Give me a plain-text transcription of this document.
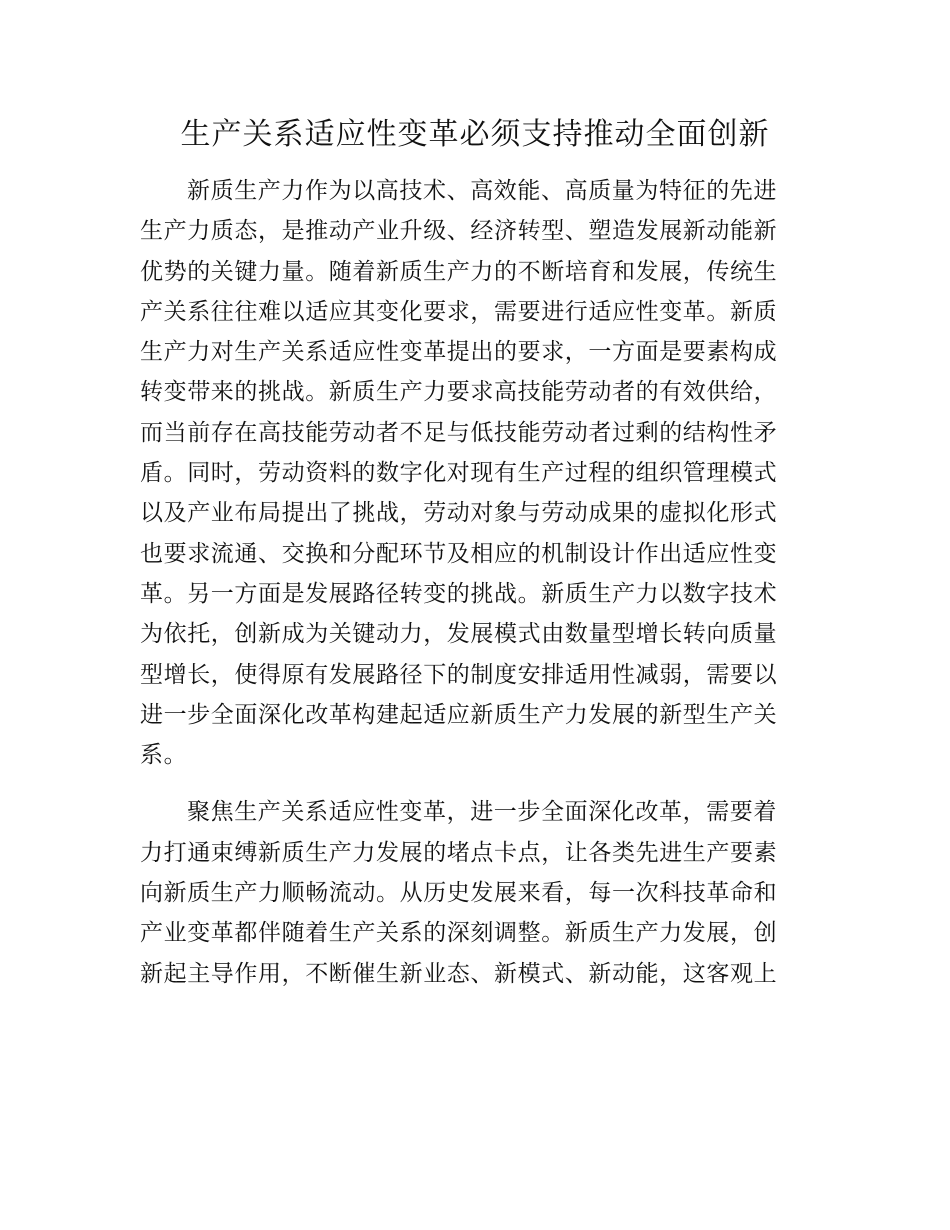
生产关系适应性变革必须支持推动全面创新

新质生产力作为以高技术、高效能、高质量为特征的先进
生产力质态，是推动产业升级、经济转型、塑造发展新动能新
优势的关键力量。随着新质生产力的不断培育和发展，传统生
产关系往往难以适应其变化要求，需要进行适应性变革。新质
生产力对生产关系适应性变革提出的要求，一方面是要素构成
转变带来的挑战。新质生产力要求高技能劳动者的有效供给，
而当前存在高技能劳动者不足与低技能劳动者过剩的结构性矛
盾。同时，劳动资料的数字化对现有生产过程的组织管理模式
以及产业布局提出了挑战，劳动对象与劳动成果的虚拟化形式
也要求流通、交换和分配环节及相应的机制设计作出适应性变
革。另一方面是发展路径转变的挑战。新质生产力以数字技术
为依托，创新成为关键动力，发展模式由数量型增长转向质量
型增长，使得原有发展路径下的制度安排适用性减弱，需要以
进一步全面深化改革构建起适应新质生产力发展的新型生产关
系。

聚焦生产关系适应性变革，进一步全面深化改革，需要着
力打通束缚新质生产力发展的堵点卡点，让各类先进生产要素
向新质生产力顺畅流动。从历史发展来看，每一次科技革命和
产业变革都伴随着生产关系的深刻调整。新质生产力发展，创
新起主导作用，不断催生新业态、新模式、新动能，这客观上
